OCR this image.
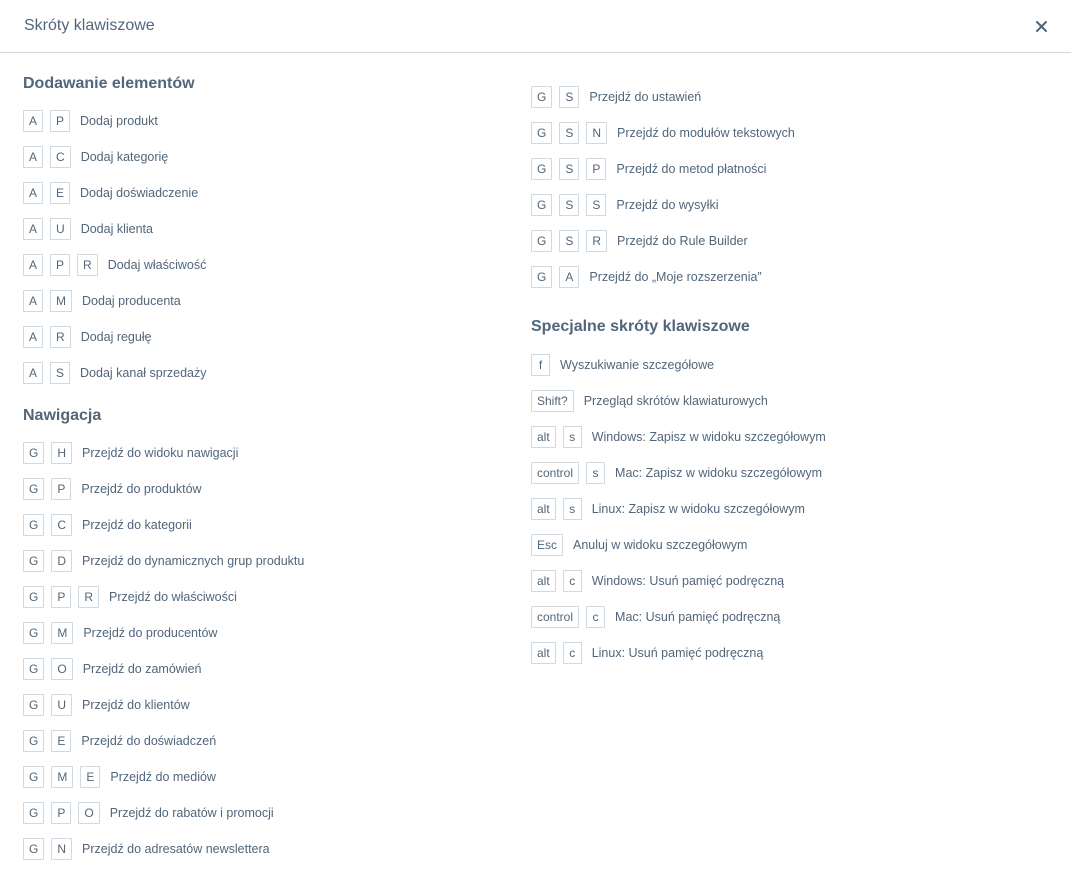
Skróty klawiszowe
Dodawanie elementów
A	P	Dodaj produkt
A	C	Dodaj kategorię
A	E	Dodaj doświadczenie
A	U	Dodaj klienta
A	P	R	Dodaj właściwość
A	M	Dodaj producenta
A	R	Dodaj regułę
A	S	Dodaj kanał sprzedaży
Nawigacja
G	H	Przejdź do widoku nawigacji
G	P	Przejdź do produktów
G	C	Przejdź do kategorii
G	D	Przejdź do dynamicznych grup produktu
G	P	R	Przejdź do właściwości
G	M	Przejdź do producentów
G	O	Przejdź do zamówień
G	U	Przejdź do klientów
G	E	Przejdź do doświadczeń
G	M	E	Przejdź do mediów
G	P	O	Przejdź do rabatów i promocji
G	N	Przejdź do adresatów newslettera
G	S	Przejdź do ustawień
G	S	N	Przejdź do modułów tekstowych
G	S	P	Przejdź do metod płatności
G	S	S	Przejdź do wysyłki
G	S	R	Przejdź do Rule Builder
G	A	Przejdź do „Moje rozszerzenia”
Specjalne skróty klawiszowe
f	Wyszukiwanie szczegółowe
Shift?	Przegląd skrótów klawiaturowych
alt	s	Windows: Zapisz w widoku szczegółowym
control	s	Mac: Zapisz w widoku szczegółowym
alt	s	Linux: Zapisz w widoku szczegółowym
Esc	Anuluj w widoku szczegółowym
alt	c	Windows: Usuń pamięć podręczną
control	c	Mac: Usuń pamięć podręczną
alt	c	Linux: Usuń pamięć podręczną
